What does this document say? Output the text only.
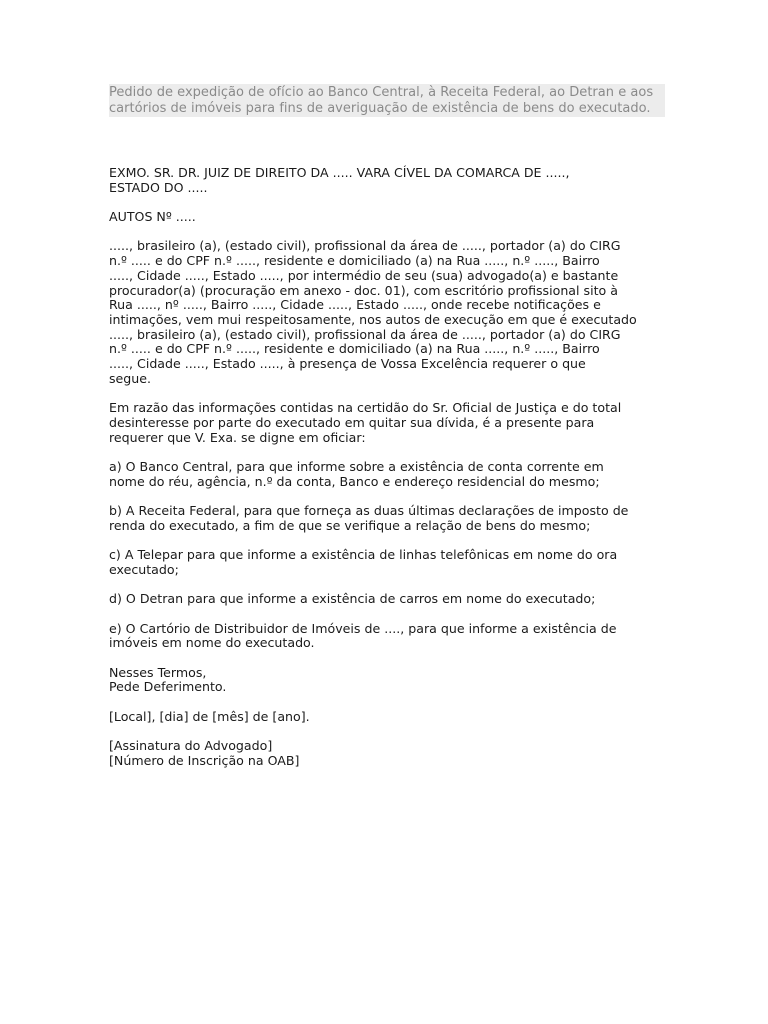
Pedido de expedição de ofício ao Banco Central, à Receita Federal, ao Detran e aos
cartórios de imóveis para fins de averiguação de existência de bens do executado.

EXMO. SR. DR. JUIZ DE DIREITO DA ..... VARA CÍVEL DA COMARCA DE .....,
ESTADO DO .....

AUTOS Nº .....

....., brasileiro (a), (estado civil), profissional da área de ....., portador (a) do CIRG
n.º ..... e do CPF n.º ....., residente e domiciliado (a) na Rua ....., n.º ....., Bairro
....., Cidade ....., Estado ....., por intermédio de seu (sua) advogado(a) e bastante
procurador(a) (procuração em anexo - doc. 01), com escritório profissional sito à
Rua ....., nº ....., Bairro ....., Cidade ....., Estado ....., onde recebe notificações e
intimações, vem mui respeitosamente, nos autos de execução em que é executado
....., brasileiro (a), (estado civil), profissional da área de ....., portador (a) do CIRG
n.º ..... e do CPF n.º ....., residente e domiciliado (a) na Rua ....., n.º ....., Bairro
....., Cidade ....., Estado ....., à presença de Vossa Excelência requerer o que
segue.

Em razão das informações contidas na certidão do Sr. Oficial de Justiça e do total
desinteresse por parte do executado em quitar sua dívida, é a presente para
requerer que V. Exa. se digne em oficiar:

a) O Banco Central, para que informe sobre a existência de conta corrente em
nome do réu, agência, n.º da conta, Banco e endereço residencial do mesmo;

b) A Receita Federal, para que forneça as duas últimas declarações de imposto de
renda do executado, a fim de que se verifique a relação de bens do mesmo;

c) A Telepar para que informe a existência de linhas telefônicas em nome do ora
executado;

d) O Detran para que informe a existência de carros em nome do executado;

e) O Cartório de Distribuidor de Imóveis de ...., para que informe a existência de
imóveis em nome do executado.

Nesses Termos,
Pede Deferimento.

[Local], [dia] de [mês] de [ano].

[Assinatura do Advogado]
[Número de Inscrição na OAB]
